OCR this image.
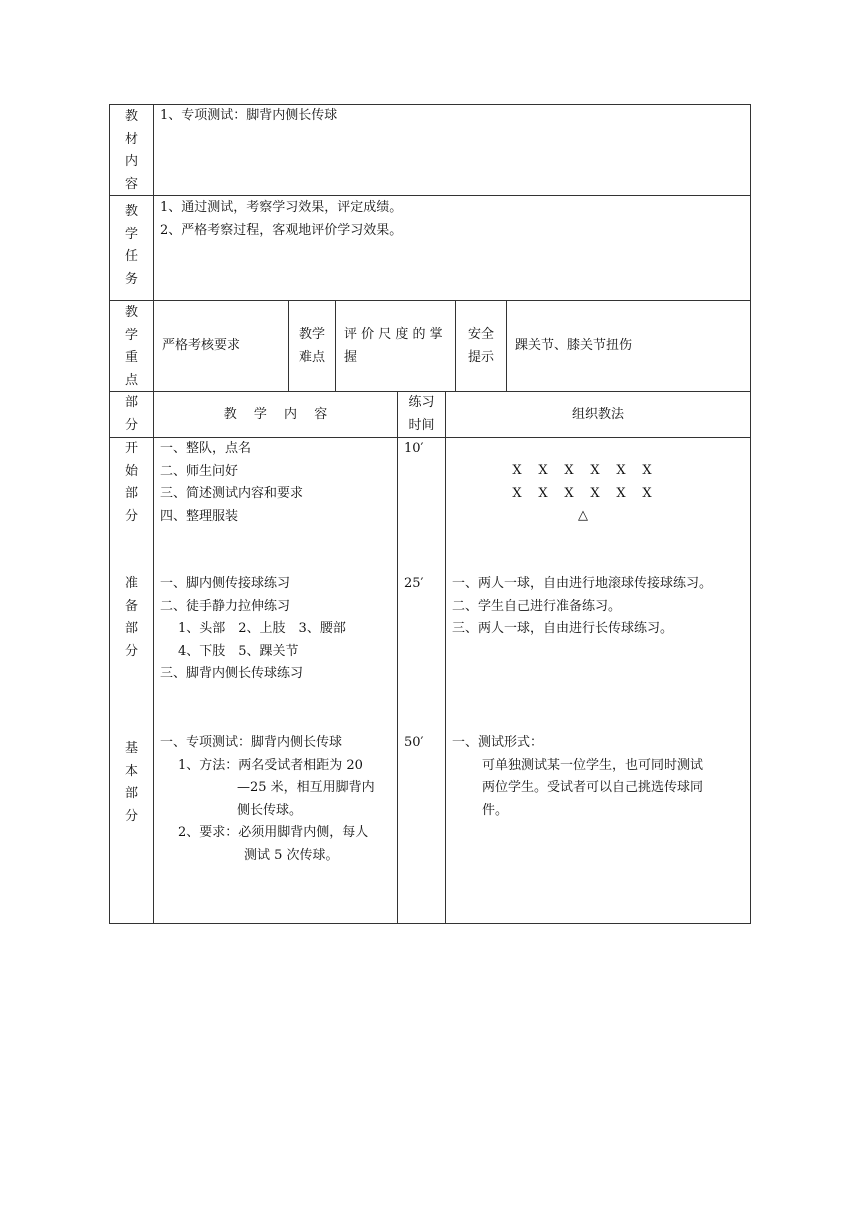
教
材
内
容
1、专项测试：脚背内侧长传球
教
学
任
务
1、通过测试，考察学习效果，评定成绩。
2、严格考察过程，客观地评价学习效果。
教
学
重
点
严格考核要求
教学
难点
评 价 尺 度 的 掌
握
安全
提示
踝关节、膝关节扭伤
部
分
教　 学　 内　 容
练习
时间
组织教法
开
始
部
分
一、整队，点名
二、师生问好
三、简述测试内容和要求
四、整理服装
10′
X X X X X X
X X X X X X
△
准
备
部
分
一、脚内侧传接球练习
二、徒手静力拉伸练习
1、头部　2、上肢　3、腰部
4、下肢　5、踝关节
三、脚背内侧长传球练习
25′	一、两人一球，自由进行地滚球传接球练习。
二、学生自己进行准备练习。
三、两人一球，自由进行长传球练习。
基
本
部
分
一、专项测试：脚背内侧长传球
1、方法：两名受试者相距为 20
—25 米，相互用脚背内
侧长传球。
2、要求：必须用脚背内侧，每人
测试 5 次传球。
50′	一、测试形式：
可单独测试某一位学生，也可同时测试
两位学生。受试者可以自己挑选传球同
件。
